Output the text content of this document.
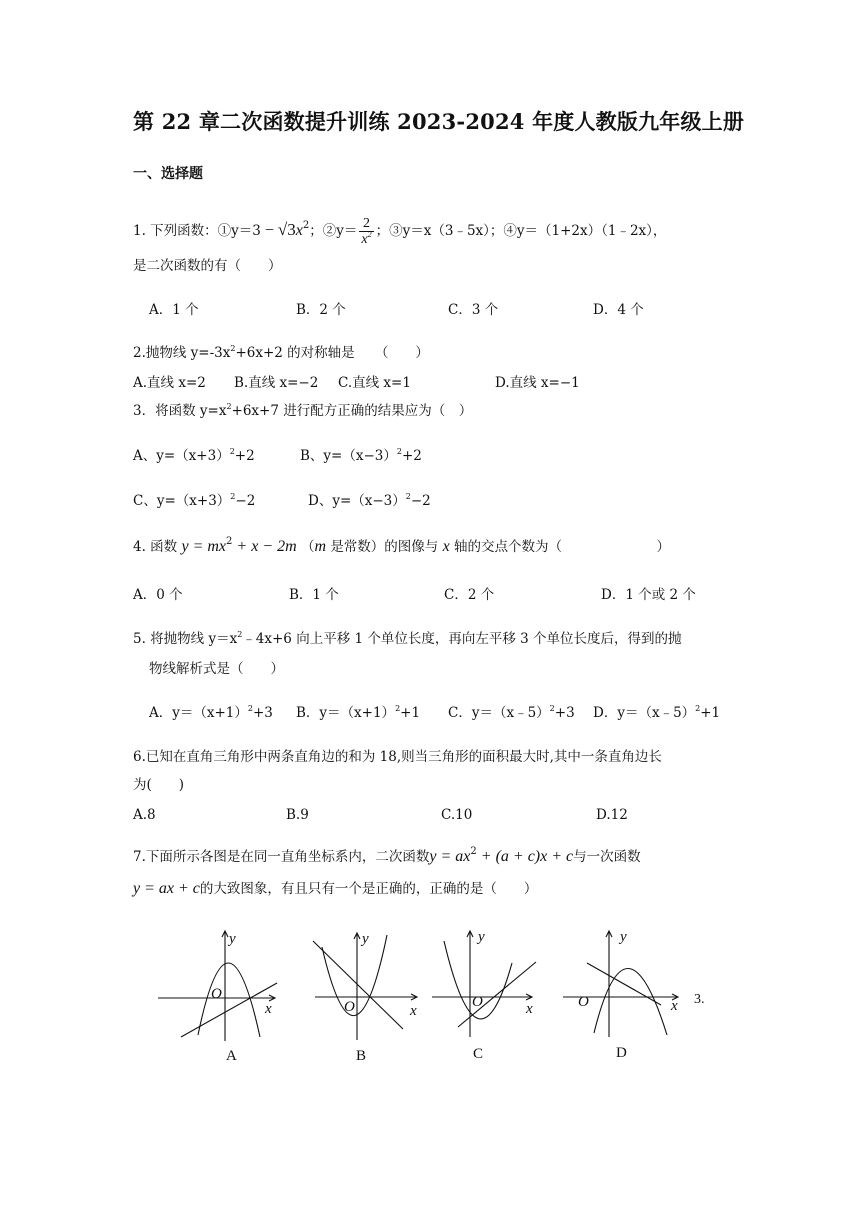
第 22 章二次函数提升训练 2023-2024 年度人教版九年级上册
一、选择题
1. 下列函数：①y＝3 − $√3x^2$；②y＝ $\frac{2}{x^2}$ ；③y＝x（3﹣5x）；④y＝（1+2x）（1﹣2x），
是二次函数的有（　　）
A．1 个	B．2 个	C．3 个	D．4 个
2.抛物线 $y=-3x^2+6x+2$ 的对称轴是　　（　　）
A.直线 x=2 B.直线 x=−2 C.直线 x=1	D.直线 x=−1
3．将函数 $y=x^2+6x+7$ 进行配方正确的结果应为（　）
A、$y=(x+3)^2+2$	B、$y=(x-3)^2+2$
C、$y=(x+3)^2-2$	D、$y=(x-3)^2-2$
4. 函数 $y = mx^2 + x - 2m$ （m 是常数）的图像与 x 轴的交点个数为（　　　　　　　）
A．0 个	B．1 个	C．2 个	D．1 个或 2 个
5. 将抛物线 $y=x^2﹣4x+6$ 向上平移 1 个单位长度，再向左平移 3 个单位长度后，得到的抛
物线解析式是（　　）
A．$y=(x+1)^2+3$ B．$y=(x+1)^2+1$ C．y＝（x﹣5）$^2$+3 D．y＝（x﹣5）$^2$+1
6.已知在直角三角形中两条直角边的和为 18,则当三角形的面积最大时,其中一条直角边长
为(　　)
A.8	B.9	C.10	D.12
7.下面所示各图是在同一直角坐标系内，二次函数$y = ax^2 + (a + c)x + c$与一次函数
y = ax + c的大致图象，有且只有一个是正确的，正确的是（　　）
y
x
O
A
y
x
O
B
y
x
O
C
y
x
O	3.
D
